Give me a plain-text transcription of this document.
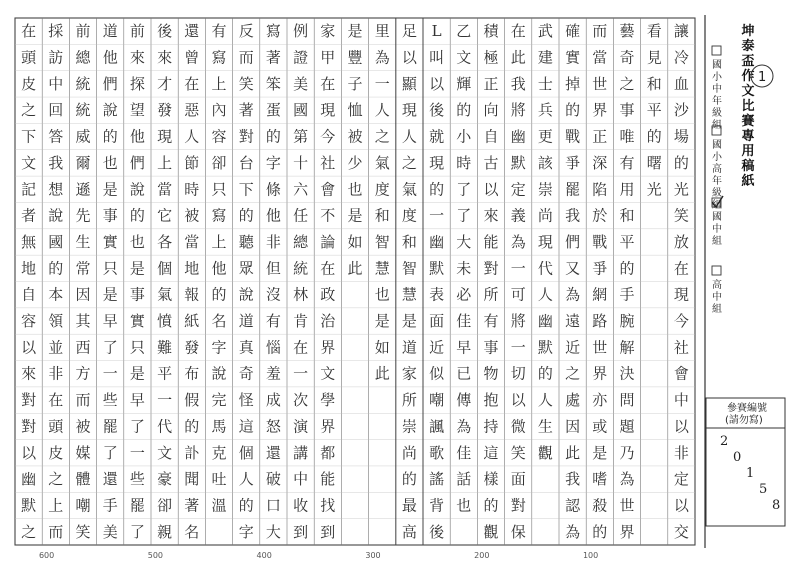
讓
冷
血
沙
場
的
光
笑
放
在
現
今
社
會
中
以
非
定
以
交
看
見
和
平
的
曙
光
藝
奇
之
事
唯
有
用
和
平
的
手
腕
解
決
問
題
乃
為
世
界
而
當
世
界
正
深
陷
於
戰
爭
網
路
世
界
亦
或
是
嗜
殺
的
確
實
掉
的
戰
爭
罷
我
們
又
為
遠
近
之
處
因
此
我
認
為
武
建
士
兵
更
該
崇
尚
現
代
人
幽
默
的
人
生
觀
在
此
我
將
幽
默
定
義
為
一
可
將
一
切
以
微
笑
面
對
保
積
極
正
向
自
古
以
來
能
對
所
有
事
物
抱
持
這
樣
的
觀
乙
文
輝
的
小
時
了
了
大
未
必
佳
早
已
傳
為
佳
話
也
L
叫
以
後
就
現
的
一
幽
默
表
面
近
似
嘲
諷
歌
謠
背
後
足
以
顯
現
人
之
氣
度
和
智
慧
是
道
家
所
崇
尚
的
最
高
里
為
一
人
之
氣
度
和
智
慧
也
是
如
此
是
豐
子
恤
被
少
也
是
如
此
家
甲
在
現
今
社
會
不
論
在
政
治
界
文
學
界
都
能
找
到
例
證
美
國
第
十
六
任
總
統
林
肯
在
一
次
演
講
中
收
到
寫
著
笨
蛋
的
字
條
他
非
但
沒
有
惱
羞
成
怒
還
破
口
大
反
而
笑
著
對
台
下
的
聽
眾
說
道
真
奇
怪
這
個
人
的
字
有
寫
上
內
容
卻
只
寫
上
他
的
名
字
說
完
馬
克
吐
溫
還
曾
在
惡
人
節
時
被
當
地
報
紙
發
布
假
的
訃
聞
著
名
後
來
才
發
現
上
當
它
各
個
氣
憤
難
平
一
代
文
豪
卻
親
前
來
探
望
他
們
說
的
也
是
事
實
只
是
早
了
一
些
罷
了
道
他
們
說
的
也
是
事
實
只
是
早
了
一
些
罷
了
還
手
美
前
總
統
統
威
爾
遜
先
生
常
因
其
西
方
而
被
媒
體
嘲
笑
採
訪
中
回
答
我
想
說
國
的
本
領
並
非
在
頭
皮
之
上
而
在
頭
皮
之
下
文
記
者
無
地
自
容
以
來
對
對
以
幽
默
之
600	500	400	300	200	100
坤泰盃作文比賽專用稿紙
國
小
中
年
級
組
國
小
高
年
級
組
國
中
組
高
中
組
1
參賽編號
(請勿寫)
2
0
1
5
8
